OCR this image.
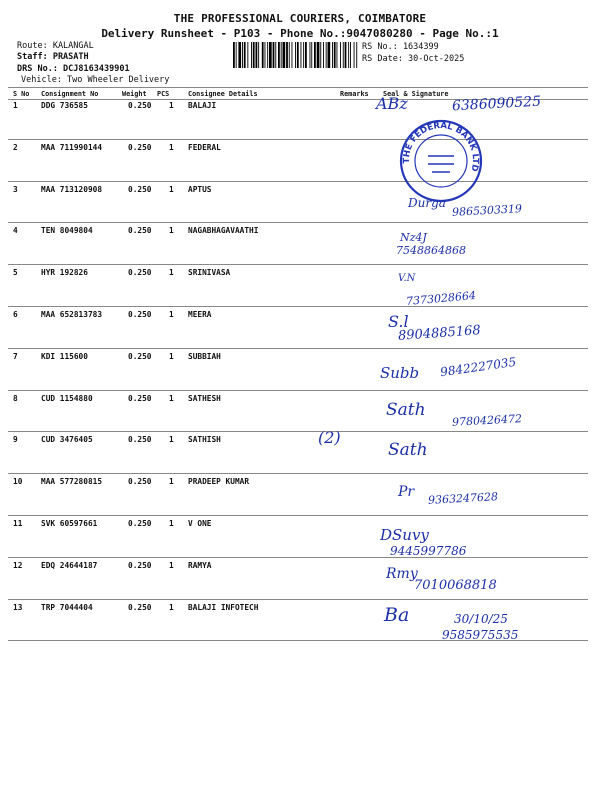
THE PROFESSIONAL COURIERS, COIMBATORE
Delivery Runsheet - P103 - Phone No.:9047080280 - Page No.:1
Route: KALANGAL
Staff: PRASATH
DRS No.: DCJ8163439901
Vehicle: Two Wheeler Delivery
RS No.: 1634399
RS Date: 30-Oct-2025
S No Consignment No	Weight PCS	Consignee Details	Remarks Seal & Signature
1	DDG 736585	0.250 1 BALAJI
2	MAA 711990144	0.250 1 FEDERAL
3	MAA 713120908	0.250 1 APTUS
4	TEN 8049804	0.250 1 NAGABHAGAVAATHI
5	HYR 192826	0.250 1 SRINIVASA
6	MAA 652813783	0.250 1 MEERA
7	KDI 115600	0.250 1 SUBBIAH
8	CUD 1154880	0.250 1 SATHESH
9	CUD 3476405	0.250 1 SATHISH
10 MAA 577280815	0.250 1 PRADEEP KUMAR
11 SVK 60597661	0.250 1 V ONE
12 EDQ 24644187	0.250 1 RAMYA
13 TRP 7044404	0.250 1 BALAJI INFOTECH
THE FEDERAL BANK LTD
ABz	6386090525
Durga 9865303319
Nz4J
7548864868
V.N
7373028664
S.l
8904885168
Subb 9842227035
Sath
9780426472
(2)
Sath
Pr 9363247628
DSuvy
9445997786
Rmy
7010068818
Ba	30/10/25
9585975535
